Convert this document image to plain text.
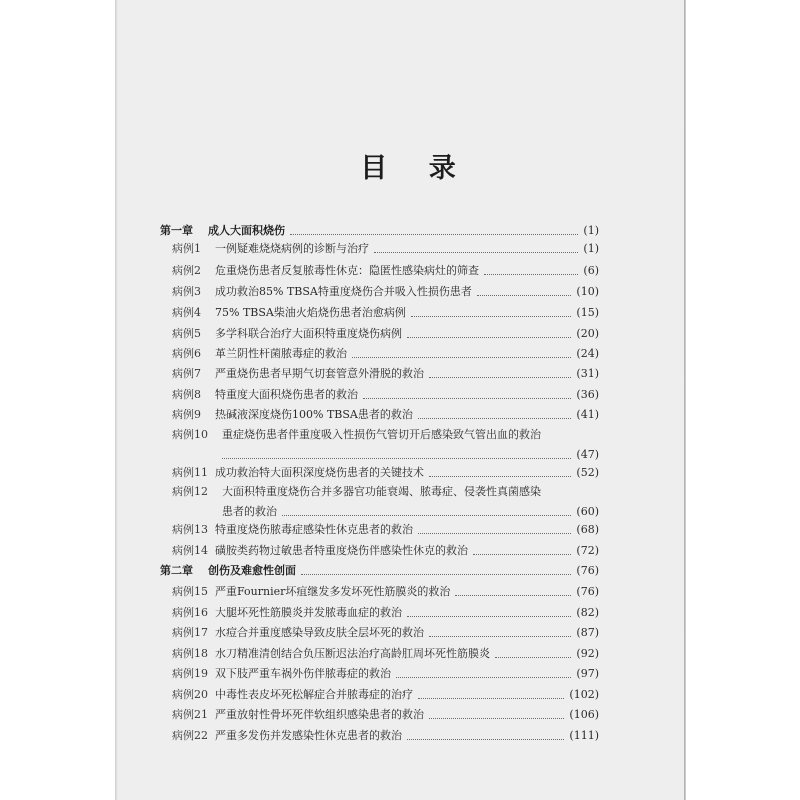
目 录
第一章 成人大面积烧伤	(1)
病例1 一例疑难烧烧病例的诊断与治疗	(1)
病例2 危重烧伤患者反复脓毒性休克：隐匿性感染病灶的筛查	(6)
病例3 成功救治85% TBSA特重度烧伤合并吸入性损伤患者	(10)
病例4 75% TBSA柴油火焰烧伤患者治愈病例	(15)
病例5 多学科联合治疗大面积特重度烧伤病例	(20)
病例6 革兰阴性杆菌脓毒症的救治	(24)
病例7 严重烧伤患者早期气切套管意外滑脱的救治	(31)
病例8 特重度大面积烧伤患者的救治	(36)
病例9 热碱液深度烧伤100% TBSA患者的救治	(41)
病例10 重症烧伤患者伴重度吸入性损伤气管切开后感染致气管出血的救治
(47)
病例11 成功救治特大面积深度烧伤患者的关键技术	(52)
病例12 大面积特重度烧伤合并多器官功能衰竭、脓毒症、侵袭性真菌感染
患者的救治	(60)
病例13 特重度烧伤脓毒症感染性休克患者的救治	(68)
病例14 磺胺类药物过敏患者特重度烧伤伴感染性休克的救治	(72)
第二章 创伤及难愈性创面	(76)
病例15 严重Fournier坏疽继发多发坏死性筋膜炎的救治	(76)
病例16 大腿坏死性筋膜炎并发脓毒血症的救治	(82)
病例17 水痘合并重度感染导致皮肤全层坏死的救治	(87)
病例18 水刀精准清创结合负压断迟法治疗高龄肛周坏死性筋膜炎	(92)
病例19 双下肢严重车祸外伤伴脓毒症的救治	(97)
病例20 中毒性表皮坏死松解症合并脓毒症的治疗	(102)
病例21 严重放射性骨坏死伴软组织感染患者的救治	(106)
病例22 严重多发伤并发感染性休克患者的救治	(111)
